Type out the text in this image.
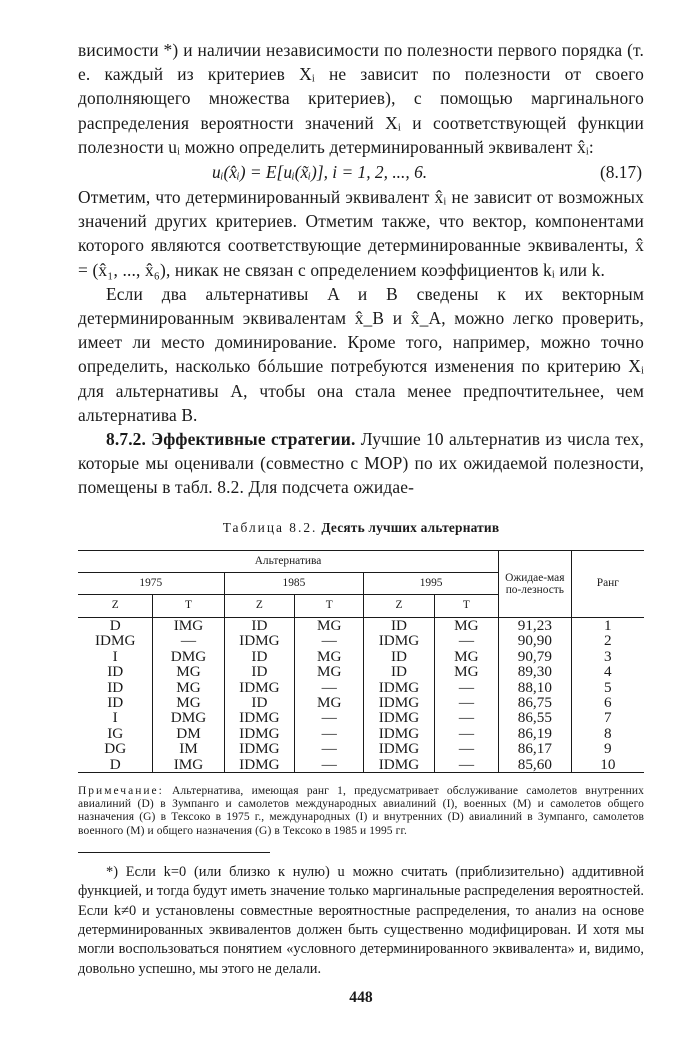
висимости *) и наличии независимости по полезности первого порядка (т. е. каждый из критериев Xᵢ не зависит по полезности от своего дополняющего множества критериев), с помощью маргинального распределения вероятности значений Xᵢ и соответствующей функции полезности uᵢ можно определить детерминированный эквивалент x̂ᵢ:

uᵢ(x̂ᵢ) = E[uᵢ(x̃ᵢ)], i = 1, 2, ..., 6.	(8.17)

Отметим, что детерминированный эквивалент x̂ᵢ не зависит от возможных значений других критериев. Отметим также, что вектор, компонентами которого являются соответствующие детерминированные эквиваленты, x̂ = (x̂₁, ..., x̂₆), никак не связан с определением коэффициентов kᵢ или k.

Если два альтернативы A и B сведены к их векторным детерминированным эквивалентам x̂_B и x̂_A, можно легко проверить, имеет ли место доминирование. Кроме того, например, можно точно определить, насколько бóльшие потребуются изменения по критерию Xᵢ для альтернативы A, чтобы она стала менее предпочтительнее, чем альтернатива B.

8.7.2. Эффективные стратегии. Лучшие 10 альтернатив из числа тех, которые мы оценивали (совместно с MOP) по их ожидаемой полезности, помещены в табл. 8.2. Для подсчета ожидае-

Таблица 8.2. Десять лучших альтернатив
Альтернатива						Ожидае-мая по-лезность	Ранг
1975		1985		1995			
Z	T	Z	T	Z	T		
D	IMG	ID	MG	ID	MG	91,23	1
IDMG	—	IDMG	—	IDMG	—	90,90	2
I	DMG	ID	MG	ID	MG	90,79	3
ID	MG	ID	MG	ID	MG	89,30	4
ID	MG	IDMG	—	IDMG	—	88,10	5
ID	MG	ID	MG	IDMG	—	86,75	6
I	DMG	IDMG	—	IDMG	—	86,55	7
IG	DM	IDMG	—	IDMG	—	86,19	8
DG	IM	IDMG	—	IDMG	—	86,17	9
D	IMG	IDMG	—	IDMG	—	85,60	10

Примечание: Альтернатива, имеющая ранг 1, предусматривает обслуживание самолетов внутренних авиалиний (D) в Зумпанго и самолетов международных авиалиний (I), военных (M) и самолетов общего назначения (G) в Тексоко в 1975 г., международных (I) и внутренних (D) авиалиний в Зумпанго, самолетов военного (M) и общего назначения (G) в Тексоко в 1985 и 1995 гг.

*) Если k=0 (или близко к нулю) u можно считать (приблизительно) аддитивной функцией, и тогда будут иметь значение только маргинальные распределения вероятностей. Если k≠0 и установлены совместные вероятностные распределения, то анализ на основе детерминированных эквивалентов должен быть существенно модифицирован. И хотя мы могли воспользоваться понятием «условного детерминированного эквивалента» и, видимо, довольно успешно, мы этого не делали.

448
